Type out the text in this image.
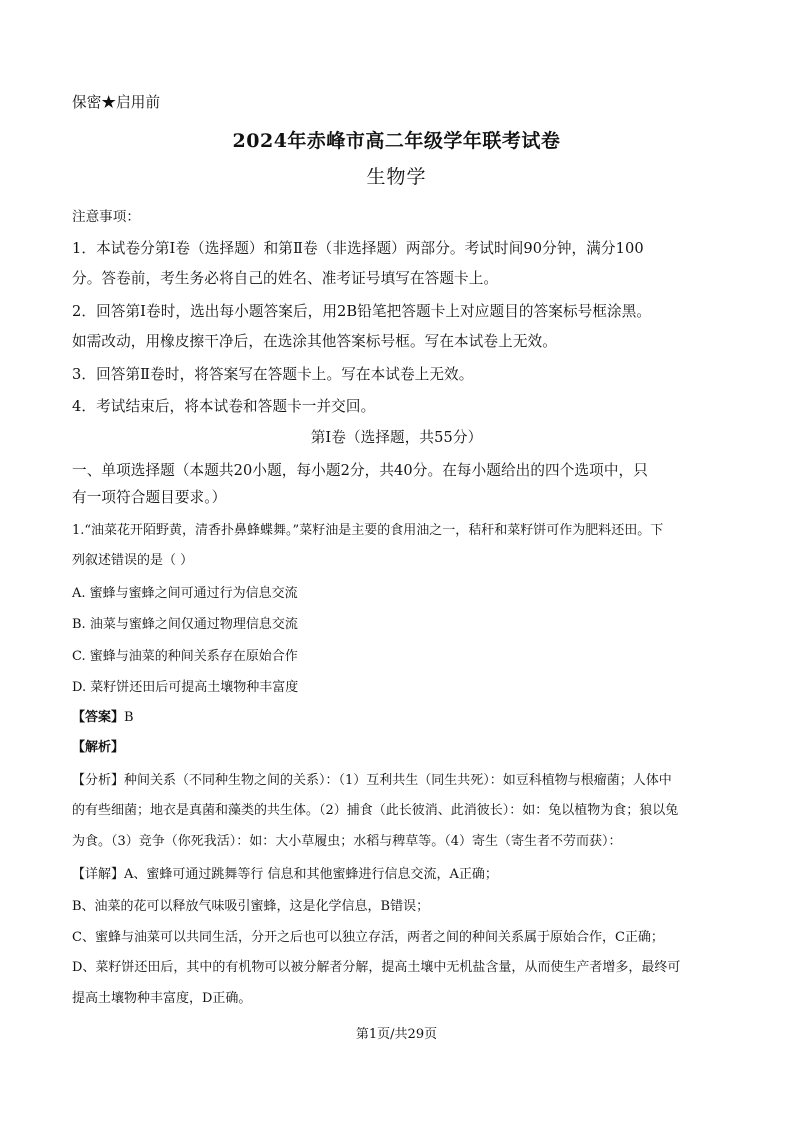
保密★启用前
2024年赤峰市高二年级学年联考试卷
生物学
注意事项：
1．本试卷分第Ⅰ卷（选择题）和第Ⅱ卷（非选择题）两部分。考试时间90分钟，满分100
分。答卷前，考生务必将自己的姓名、准考证号填写在答题卡上。
2．回答第Ⅰ卷时，选出每小题答案后，用2B铅笔把答题卡上对应题目的答案标号框涂黑。
如需改动，用橡皮擦干净后，在选涂其他答案标号框。写在本试卷上无效。
3．回答第Ⅱ卷时，将答案写在答题卡上。写在本试卷上无效。
4．考试结束后，将本试卷和答题卡一并交回。
第Ⅰ卷（选择题，共55分）
一、单项选择题（本题共20小题，每小题2分，共40分。在每小题给出的四个选项中，只
有一项符合题目要求。）
1.“油菜花开陌野黄，清香扑鼻蜂蝶舞。”菜籽油是主要的食用油之一，秸秆和菜籽饼可作为肥料还田。下
列叙述错误的是（ ）
A. 蜜蜂与蜜蜂之间可通过行为信息交流
B. 油菜与蜜蜂之间仅通过物理信息交流
C. 蜜蜂与油菜的种间关系存在原始合作
D. 菜籽饼还田后可提高土壤物种丰富度
【答案】B
【解析】
【分析】种间关系（不同种生物之间的关系）：（1）互利共生（同生共死）：如豆科植物与根瘤菌；人体中
的有些细菌；地衣是真菌和藻类的共生体。（2）捕食（此长彼消、此消彼长）：如：兔以植物为食；狼以兔
为食。（3）竞争（你死我活）：如：大小草履虫；水稻与稗草等。（4）寄生（寄生者不劳而获）：
【详解】A、蜜蜂可通过跳舞等行 信息和其他蜜蜂进行信息交流，A正确；
B、油菜的花可以释放气味吸引蜜蜂，这是化学信息，B错误；
C、蜜蜂与油菜可以共同生活，分开之后也可以独立存活，两者之间的种间关系属于原始合作，C正确；
D、菜籽饼还田后，其中的有机物可以被分解者分解，提高土壤中无机盐含量，从而使生产者增多，最终可
提高土壤物种丰富度，D正确。
第1页/共29页
